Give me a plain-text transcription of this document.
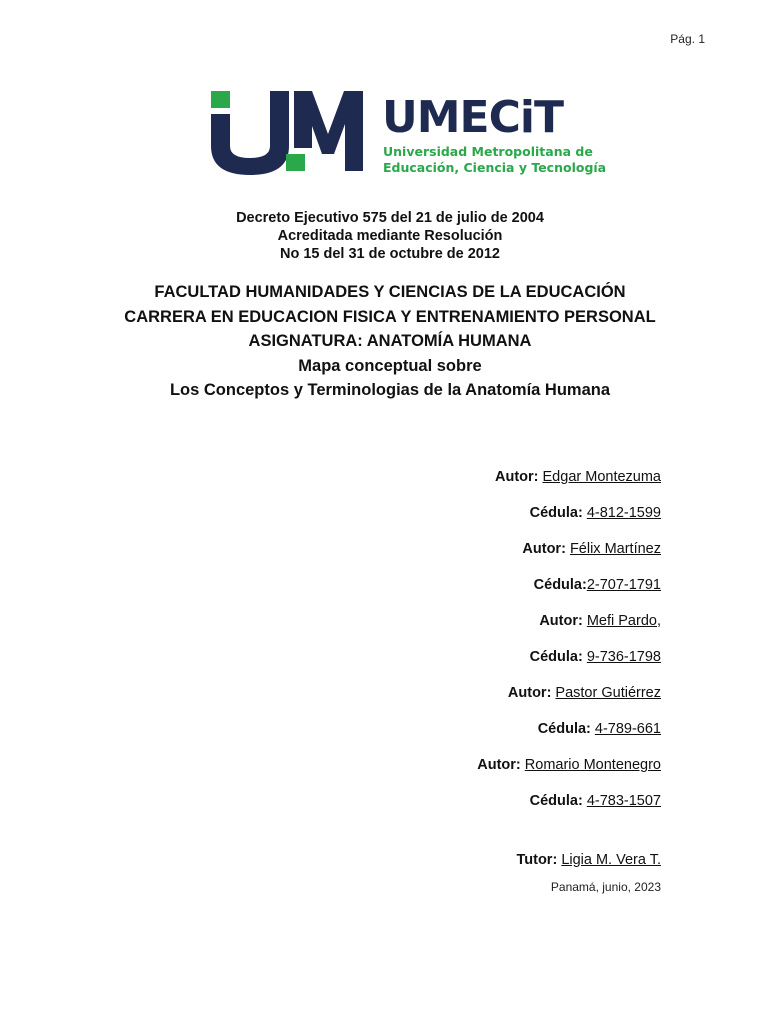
Pág. 1
UMECiT
Universidad Metropolitana de
Educación, Ciencia y Tecnología
Decreto Ejecutivo 575 del 21 de julio de 2004
Acreditada mediante Resolución
No 15 del 31 de octubre de 2012
FACULTAD HUMANIDADES Y CIENCIAS DE LA EDUCACIÓN
CARRERA EN EDUCACION FISICA Y ENTRENAMIENTO PERSONAL
ASIGNATURA: ANATOMÍA HUMANA
Mapa conceptual sobre
Los Conceptos y Terminologias de la Anatomía Humana
Autor: Edgar Montezuma
Cédula: 4-812-1599
Autor: Félix Martínez
Cédula:2-707-1791
Autor: Mefi Pardo,
Cédula: 9-736-1798
Autor: Pastor Gutiérrez
Cédula: 4-789-661
Autor: Romario Montenegro
Cédula: 4-783-1507
Tutor: Ligia M. Vera T.
Panamá, junio, 2023
